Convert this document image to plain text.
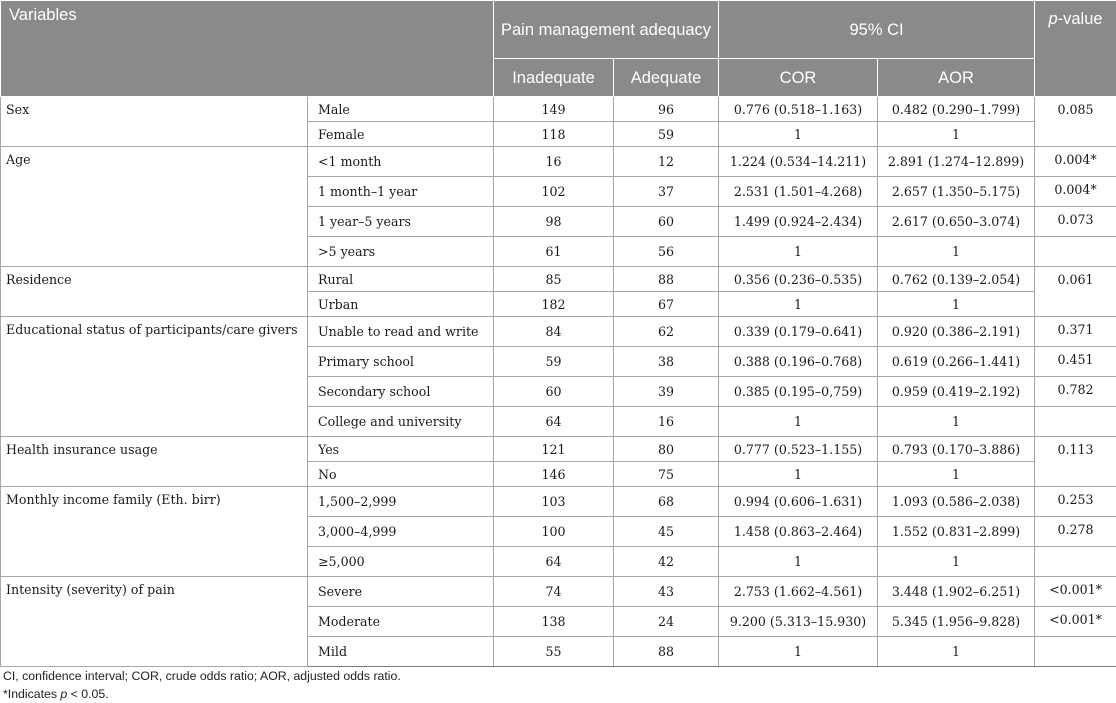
Variables		Pain management adequacy		95% CI		p-value
		Inadequate	Adequate	COR	AOR	
Sex	Male	149	96	0.776 (0.518–1.163)	0.482 (0.290–1.799)	0.085
	Female	118	59	1	1	
Age	<1 month	16	12	1.224 (0.534–14.211)	2.891 (1.274–12.899)	0.004*
	1 month–1 year	102	37	2.531 (1.501–4.268)	2.657 (1.350–5.175)	0.004*
	1 year–5 years	98	60	1.499 (0.924–2.434)	2.617 (0.650–3.074)	0.073
	>5 years	61	56	1	1	
Residence	Rural	85	88	0.356 (0.236–0.535)	0.762 (0.139–2.054)	0.061
	Urban	182	67	1	1	
Educational status of participants/care givers	Unable to read and write	84	62	0.339 (0.179–0.641)	0.920 (0.386–2.191)	0.371
	Primary school	59	38	0.388 (0.196–0.768)	0.619 (0.266–1.441)	0.451
	Secondary school	60	39	0.385 (0.195–0,759)	0.959 (0.419–2.192)	0.782
	College and university	64	16	1	1	
Health insurance usage	Yes	121	80	0.777 (0.523–1.155)	0.793 (0.170–3.886)	0.113
	No	146	75	1	1	
Monthly income family (Eth. birr)	1,500–2,999	103	68	0.994 (0.606–1.631)	1.093 (0.586–2.038)	0.253
	3,000–4,999	100	45	1.458 (0.863–2.464)	1.552 (0.831–2.899)	0.278
	≥5,000	64	42	1	1	
Intensity (severity) of pain	Severe	74	43	2.753 (1.662–4.561)	3.448 (1.902–6.251)	<0.001*
	Moderate	138	24	9.200 (5.313–15.930)	5.345 (1.956–9.828)	<0.001*
	Mild	55	88	1	1	

CI, confidence interval; COR, crude odds ratio; AOR, adjusted odds ratio.

*Indicates p < 0.05.
